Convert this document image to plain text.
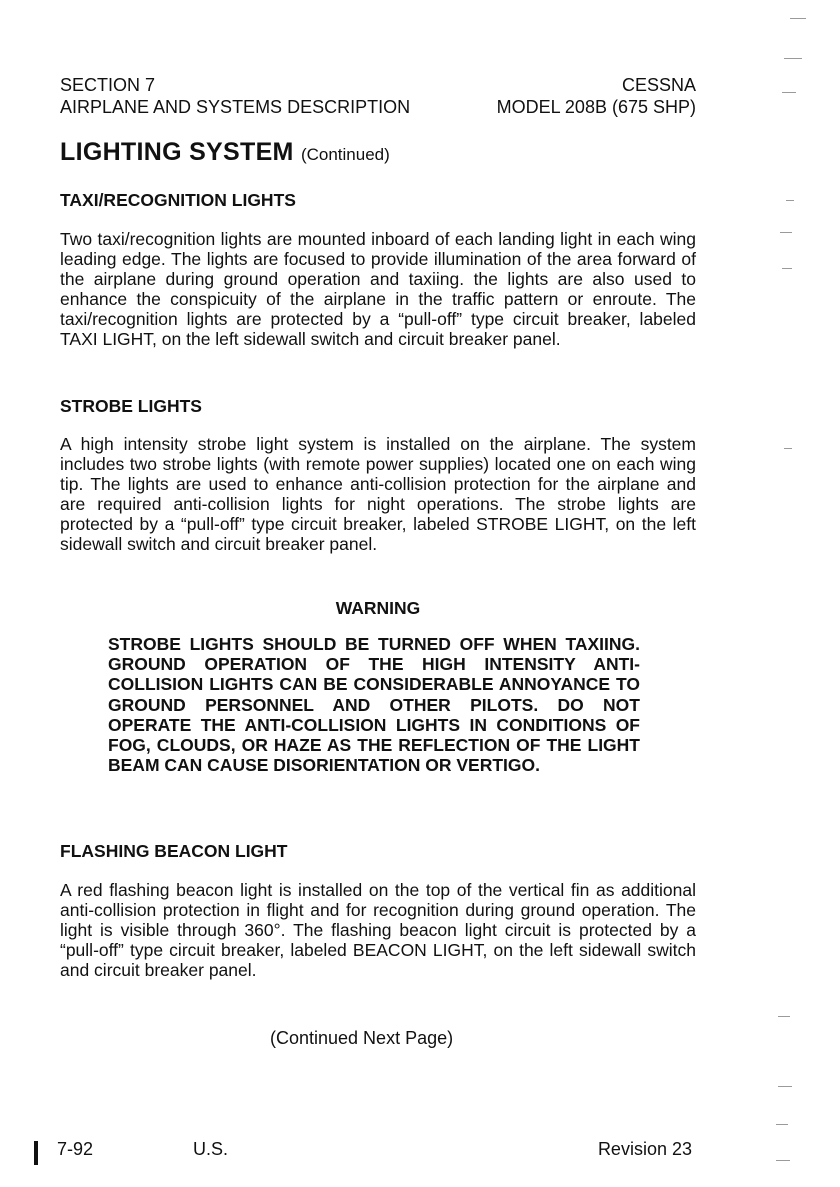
SECTION 7	CESSNA
AIRPLANE AND SYSTEMS DESCRIPTION	MODEL 208B (675 SHP)
LIGHTING SYSTEM (Continued)
TAXI/RECOGNITION LIGHTS
Two taxi/recognition lights are mounted inboard of each landing light in each wing leading edge. The lights are focused to provide illumination of the area forward of the airplane during ground operation and taxiing. the lights are also used to enhance the conspicuity of the airplane in the traffic pattern or enroute. The taxi/recognition lights are protected by a “pull-off” type circuit breaker, labeled TAXI LIGHT, on the left sidewall switch and circuit breaker panel.
STROBE LIGHTS
A high intensity strobe light system is installed on the airplane. The system includes two strobe lights (with remote power supplies) located one on each wing tip. The lights are used to enhance anti-collision protection for the airplane and are required anti-collision lights for night operations. The strobe lights are protected by a “pull-off” type circuit breaker, labeled STROBE LIGHT, on the left sidewall switch and circuit breaker panel.
WARNING
STROBE LIGHTS SHOULD BE TURNED OFF WHEN TAXIING. GROUND OPERATION OF THE HIGH INTENSITY ANTI-COLLISION LIGHTS CAN BE CONSIDERABLE ANNOYANCE TO GROUND PERSONNEL AND OTHER PILOTS. DO NOT OPERATE THE ANTI-COLLISION LIGHTS IN CONDITIONS OF FOG, CLOUDS, OR HAZE AS THE REFLECTION OF THE LIGHT BEAM CAN CAUSE DISORIENTATION OR VERTIGO.
FLASHING BEACON LIGHT
A red flashing beacon light is installed on the top of the vertical fin as additional anti-collision protection in flight and for recognition during ground operation. The light is visible through 360°. The flashing beacon light circuit is protected by a “pull-off” type circuit breaker, labeled BEACON LIGHT, on the left sidewall switch and circuit breaker panel.
(Continued Next Page)
7-92	U.S.	Revision 23
